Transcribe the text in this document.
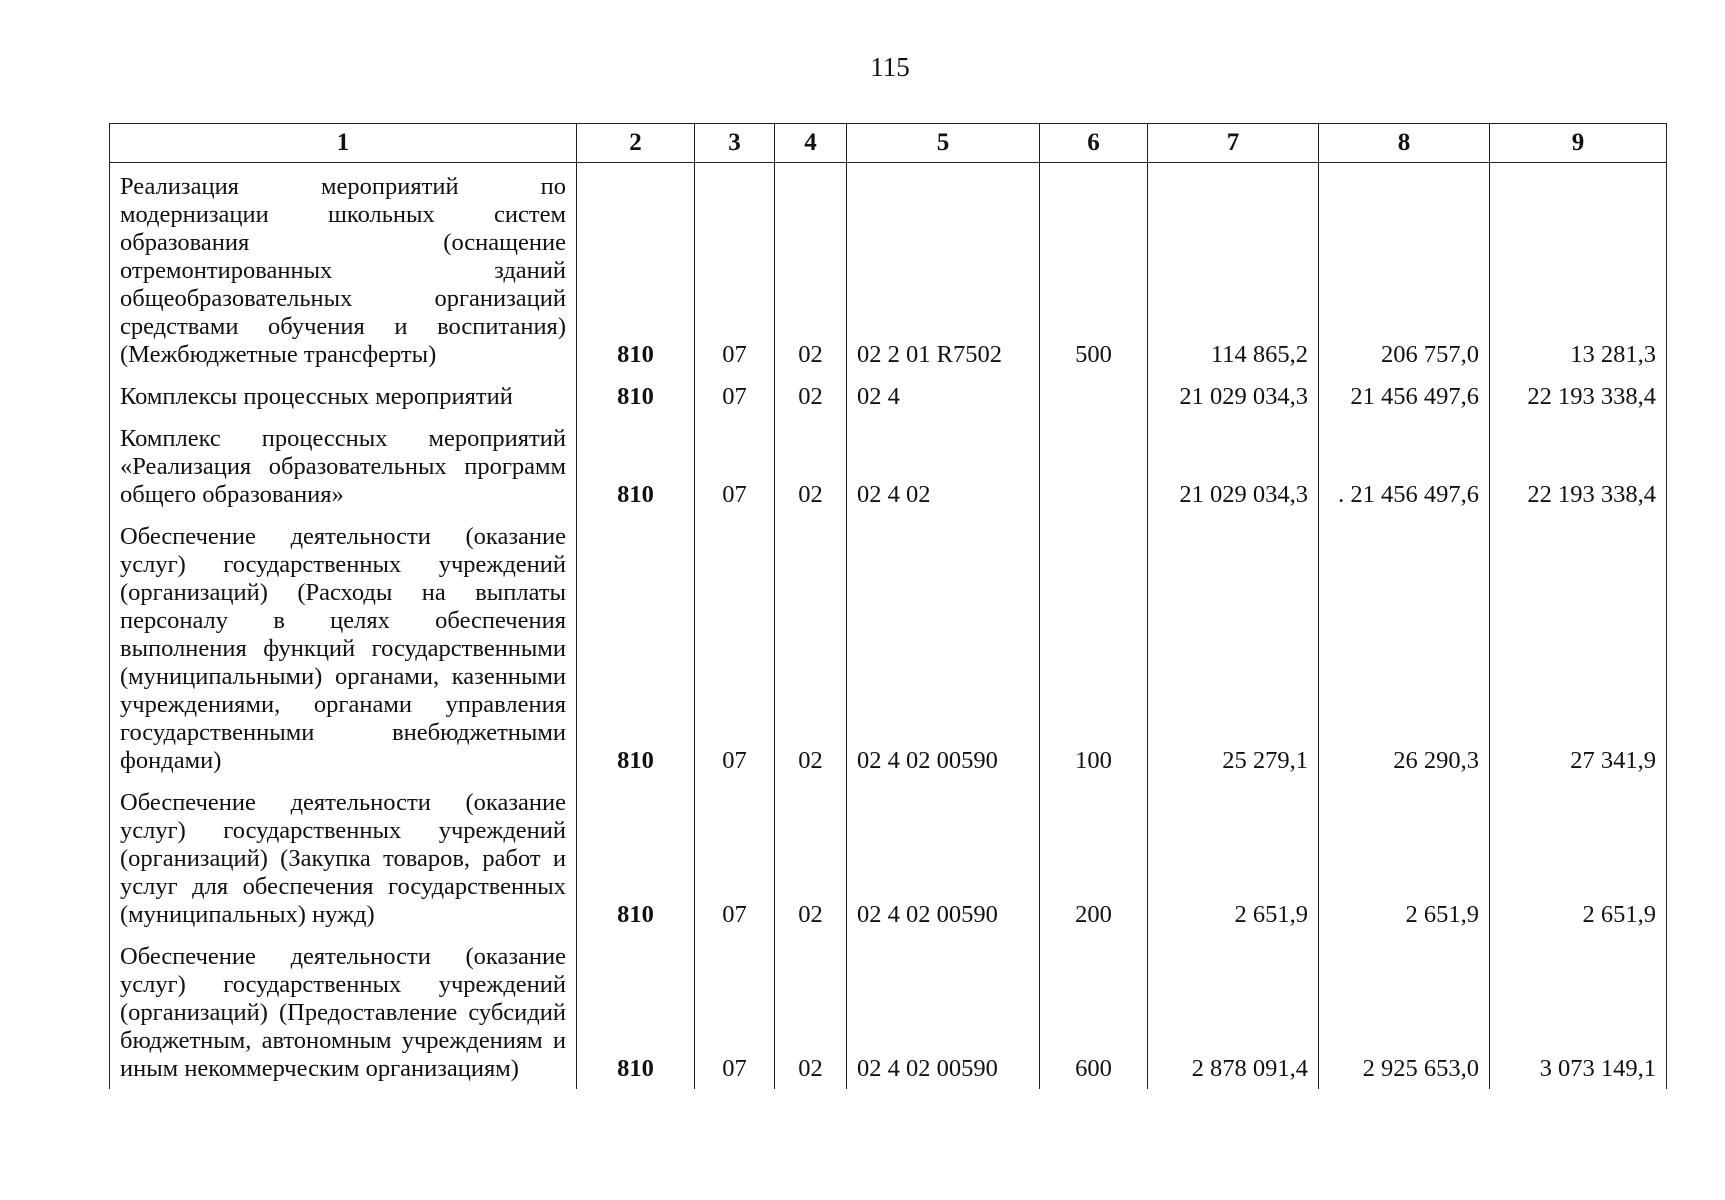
115
1	2	3	4	5	6	7	8	9
Реализация мероприятий по модернизации школьных систем образования (оснащение отремонтированных зданий общеобразовательных организаций средствами обучения и воспитания) (Межбюджетные трансферты)	810	07	02	02 2 01 R7502	500	114 865,2	206 757,0	13 281,3
Комплексы процессных мероприятий	810	07	02	02 4		21 029 034,3	21 456 497,6	22 193 338,4
Комплекс процессных мероприятий «Реализация образовательных программ общего образования»	810	07	02	02 4 02		21 029 034,3	. 21 456 497,6	22 193 338,4
Обеспечение деятельности (оказание услуг) государственных учреждений (организаций) (Расходы на выплаты персоналу в целях обеспечения выполнения функций государственными (муниципальными) органами, казенными учреждениями, органами управления государственными внебюджетными фондами)	810	07	02	02 4 02 00590	100	25 279,1	26 290,3	27 341,9
Обеспечение деятельности (оказание услуг) государственных учреждений (организаций) (Закупка товаров, работ и услуг для обеспечения государственных (муниципальных) нужд)	810	07	02	02 4 02 00590	200	2 651,9	2 651,9	2 651,9
Обеспечение деятельности (оказание услуг) государственных учреждений (организаций) (Предоставление субсидий бюджетным, автономным учреждениям и иным некоммерческим организациям)	810	07	02	02 4 02 00590	600	2 878 091,4	2 925 653,0	3 073 149,1
